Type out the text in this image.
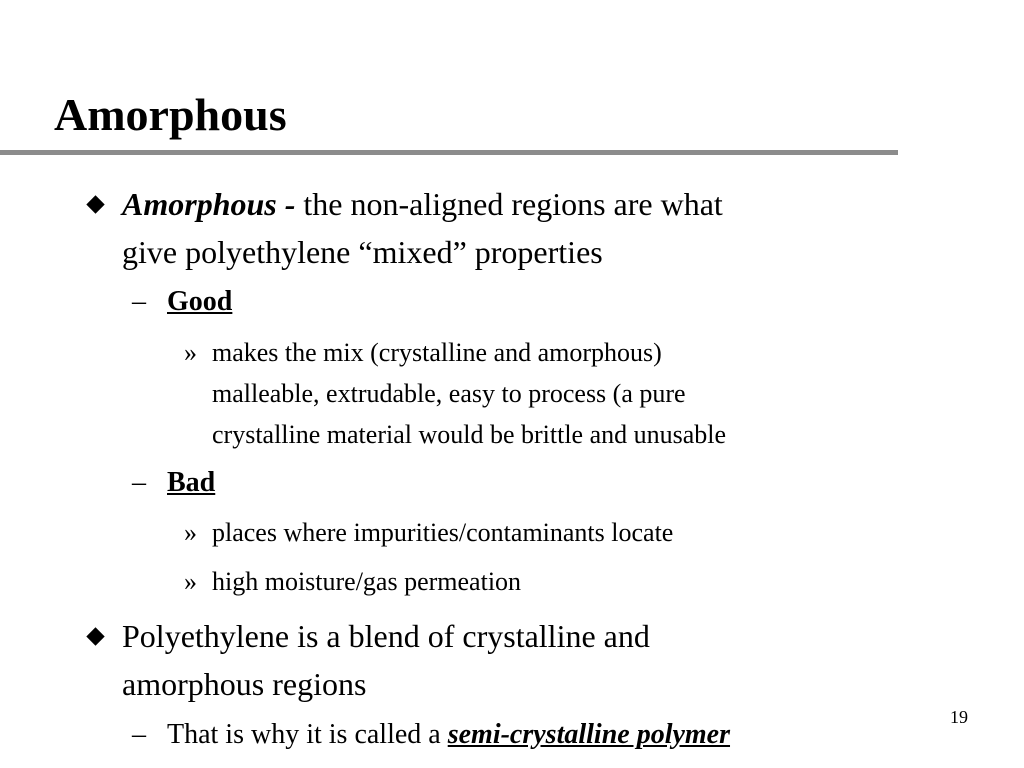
Amorphous
Amorphous - the non-aligned regions are what
give polyethylene “mixed” properties
– Good
» makes the mix (crystalline and amorphous)
malleable, extrudable, easy to process (a pure
crystalline material would be brittle and unusable
– Bad
» places where impurities/contaminants locate
» high moisture/gas permeation
Polyethylene is a blend of crystalline and
amorphous regions
– That is why it is called a semi-crystalline polymer
19
